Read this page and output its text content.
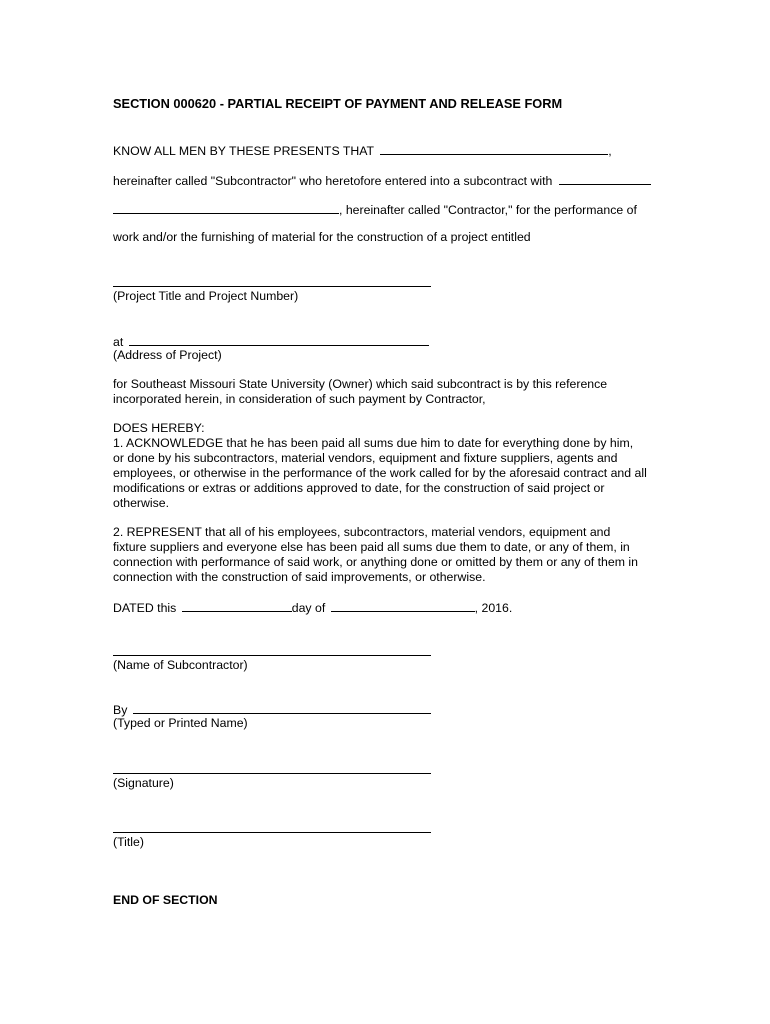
SECTION 000620 - PARTIAL RECEIPT OF PAYMENT AND RELEASE FORM
KNOW ALL MEN BY THESE PRESENTS THAT	,
hereinafter called "Subcontractor" who heretofore entered into a subcontract with
, hereinafter called "Contractor," for the performance of
work and/or the furnishing of material for the construction of a project entitled
(Project Title and Project Number)
at
(Address of Project)
for Southeast Missouri State University (Owner) which said subcontract is by this reference
incorporated herein, in consideration of such payment by Contractor,
DOES HEREBY:
1. ACKNOWLEDGE that he has been paid all sums due him to date for everything done by him,
or done by his subcontractors, material vendors, equipment and fixture suppliers, agents and
employees, or otherwise in the performance of the work called for by the aforesaid contract and all
modifications or extras or additions approved to date, for the construction of said project or
otherwise.
2. REPRESENT that all of his employees, subcontractors, material vendors, equipment and
fixture suppliers and everyone else has been paid all sums due them to date, or any of them, in
connection with performance of said work, or anything done or omitted by them or any of them in
connection with the construction of said improvements, or otherwise.
DATED this	day of	, 2016.
(Name of Subcontractor)
By
(Typed or Printed Name)
(Signature)
(Title)
END OF SECTION
